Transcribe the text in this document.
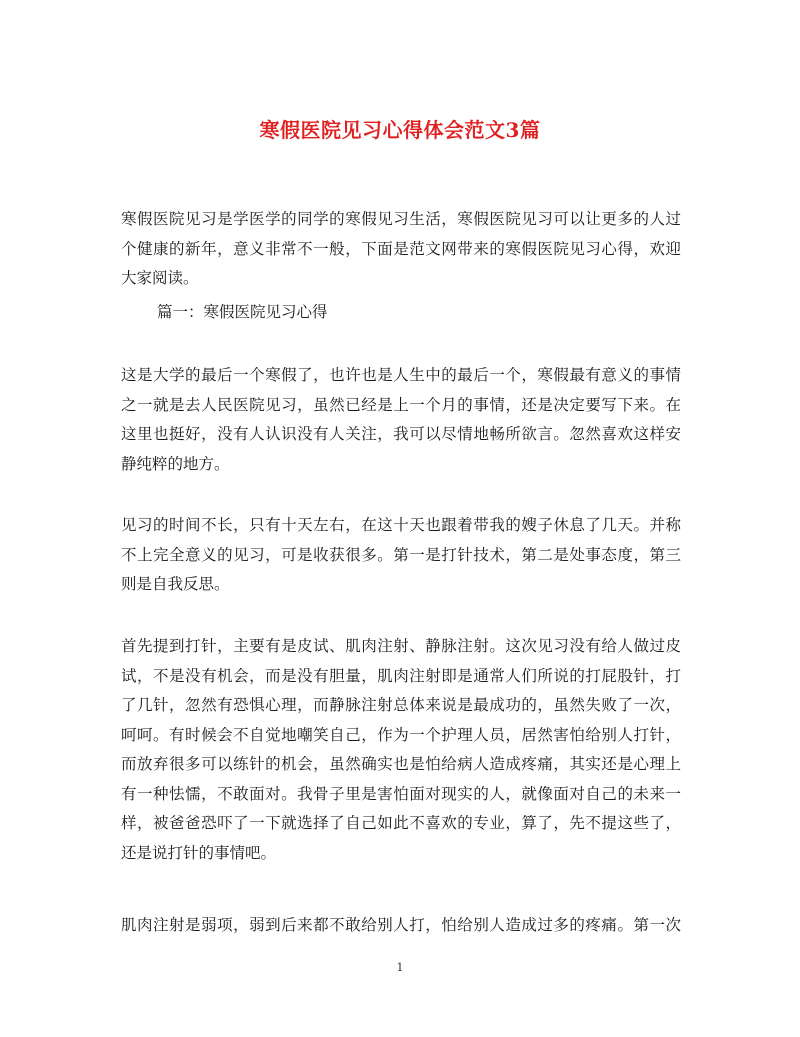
寒假医院见习心得体会范文3篇
寒假医院见习是学医学的同学的寒假见习生活，寒假医院见习可以让更多的人过
个健康的新年，意义非常不一般，下面是范文网带来的寒假医院见习心得，欢迎
大家阅读。
篇一：寒假医院见习心得
这是大学的最后一个寒假了，也许也是人生中的最后一个，寒假最有意义的事情
之一就是去人民医院见习，虽然已经是上一个月的事情，还是决定要写下来。在
这里也挺好，没有人认识没有人关注，我可以尽情地畅所欲言。忽然喜欢这样安
静纯粹的地方。
见习的时间不长，只有十天左右，在这十天也跟着带我的嫂子休息了几天。并称
不上完全意义的见习，可是收获很多。第一是打针技术，第二是处事态度，第三
则是自我反思。
首先提到打针，主要有是皮试、肌肉注射、静脉注射。这次见习没有给人做过皮
试，不是没有机会，而是没有胆量，肌肉注射即是通常人们所说的打屁股针，打
了几针，忽然有恐惧心理，而静脉注射总体来说是最成功的，虽然失败了一次，
呵呵。有时候会不自觉地嘲笑自己，作为一个护理人员，居然害怕给别人打针，
而放弃很多可以练针的机会，虽然确实也是怕给病人造成疼痛，其实还是心理上
有一种怯懦，不敢面对。我骨子里是害怕面对现实的人，就像面对自己的未来一
样，被爸爸恐吓了一下就选择了自己如此不喜欢的专业，算了，先不提这些了，
还是说打针的事情吧。
肌肉注射是弱项，弱到后来都不敢给别人打，怕给别人造成过多的疼痛。第一次
1
